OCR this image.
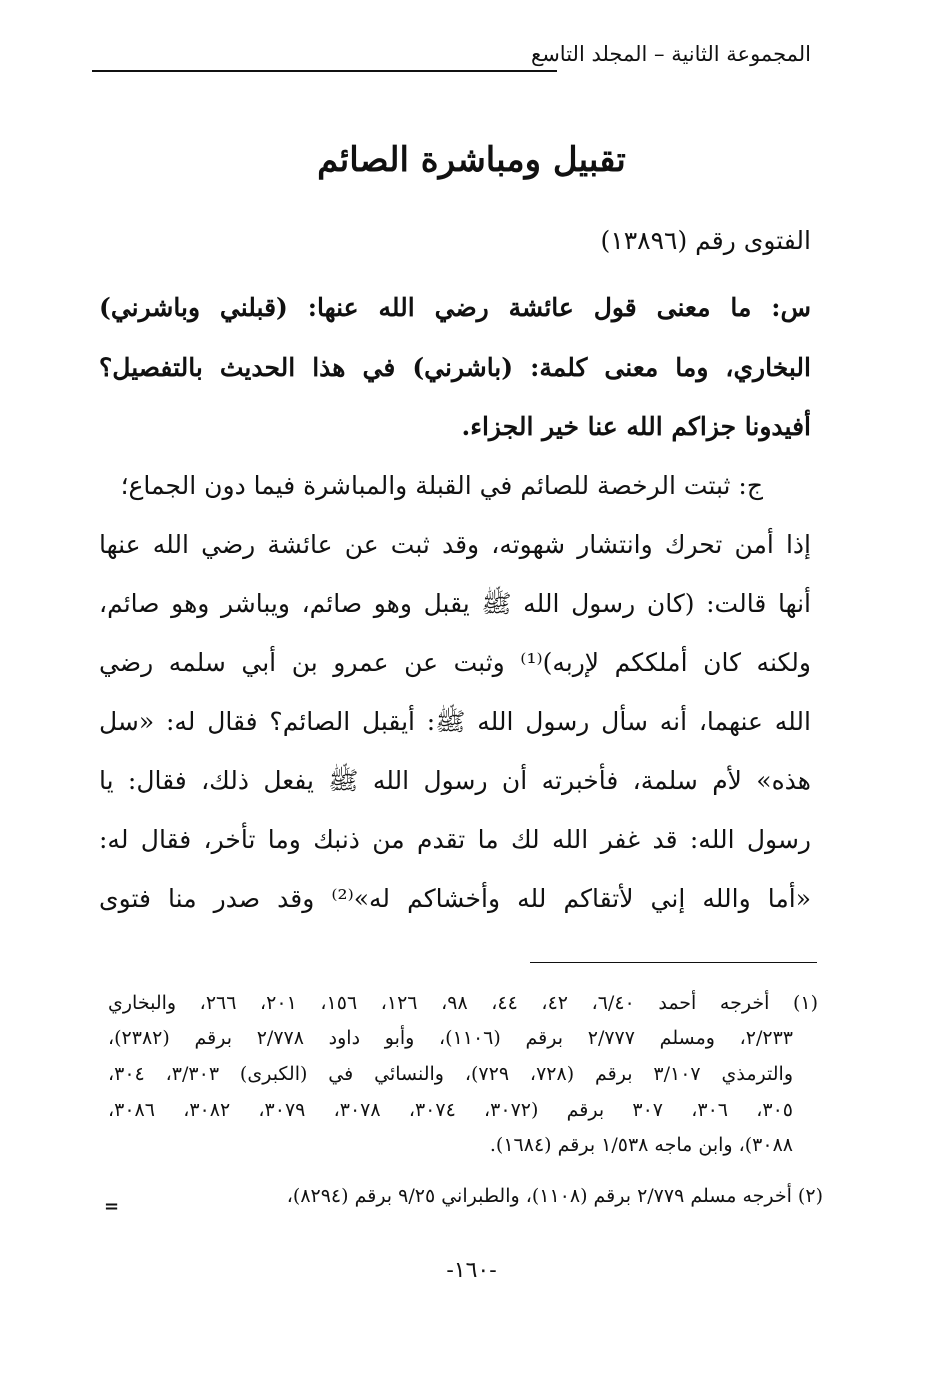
المجموعة الثانية – المجلد التاسع
تقبيل ومباشرة الصائم
الفتوى رقم (١٣٨٩٦)
س: ما معنى قول عائشة رضي الله عنها: (قبلني وباشرني)
البخاري، وما معنى كلمة: (باشرني) في هذا الحديث بالتفصيل؟
أفيدونا جزاكم الله عنا خير الجزاء.
ج: ثبتت الرخصة للصائم في القبلة والمباشرة فيما دون الجماع؛
إذا أمن تحرك وانتشار شهوته، وقد ثبت عن عائشة رضي الله عنها
أنها قالت: (كان رسول الله ﷺ يقبل وهو صائم، ويباشر وهو صائم،
ولكنه كان أملككم لإربه)⁽¹⁾ وثبت عن عمرو بن أبي سلمه رضي
الله عنهما، أنه سأل رسول الله ﷺ: أيقبل الصائم؟ فقال له: «سل
هذه» لأم سلمة، فأخبرته أن رسول الله ﷺ يفعل ذلك، فقال: يا
رسول الله: قد غفر الله لك ما تقدم من ذنبك وما تأخر، فقال له:
«أما والله إني لأتقاكم لله وأخشاكم له»⁽²⁾ وقد صدر منا فتوى
(١) أخرجه أحمد ٦/٤٠، ٤٢، ٤٤، ٩٨، ١٢٦، ١٥٦، ٢٠١، ٢٦٦، والبخاري
٢/٢٣٣، ومسلم ٢/٧٧٧ برقم (١١٠٦)، وأبو داود ٢/٧٧٨ برقم (٢٣٨٢)،
والترمذي ٣/١٠٧ برقم (٧٢٨، ٧٢٩)، والنسائي في (الكبرى) ٣/٣٠٣، ٣٠٤،
٣٠٥، ٣٠٦، ٣٠٧ برقم (٣٠٧٢، ٣٠٧٤، ٣٠٧٨، ٣٠٧٩، ٣٠٨٢، ٣٠٨٦،
٣٠٨٨)، وابن ماجه ١/٥٣٨ برقم (١٦٨٤).
(٢) أخرجه مسلم ٢/٧٧٩ برقم (١١٠٨)، والطبراني ٩/٢٥ برقم (٨٢٩٤)،
=
-١٦٠-
